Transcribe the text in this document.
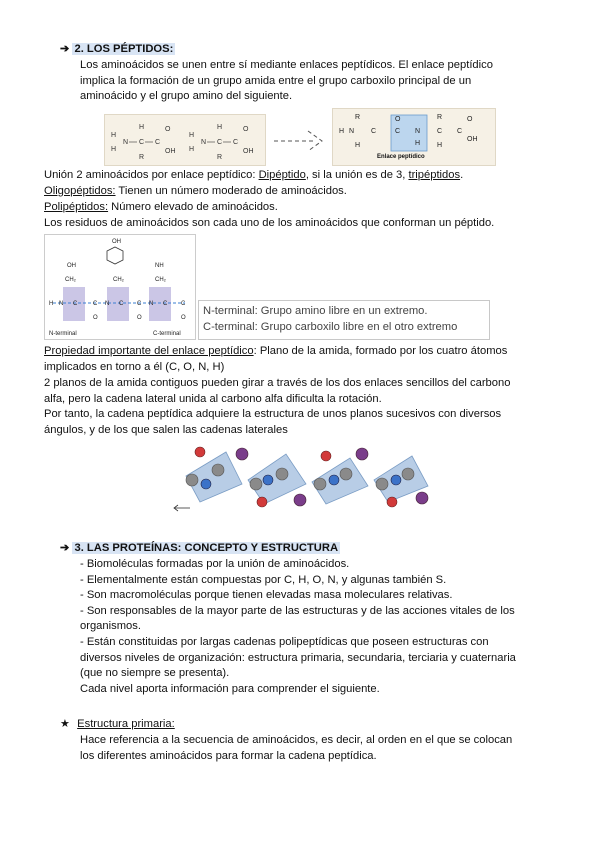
➔ 2. LOS PÉPTIDOS:
Los aminoácidos se unen entre sí mediante enlaces peptídicos. El enlace peptídico
implica la formación de un grupo amida entre el grupo carboxilo principal de un
aminoácido y el grupo amino del siguiente.
H
H
N C
H
R
C
O
OH
H
H
N C
H
R
C
O
OH
R
H
H N C	C N
O
H
C
R
H
C
O
OH
Enlace peptídico
Unión 2 aminoácidos por enlace peptídico: Dipéptido, si la unión es de 3, tripéptidos.
Oligopéptidos: Tienen un número moderado de aminoácidos.
Polipéptidos: Número elevado de aminoácidos.
Los residuos de aminoácidos son cada uno de los aminoácidos que conforman un péptido.
OH
OH
CH₂	CH₂
NH
CH₂
H N C	C N C C N C C
O	O	O
N-terminal	C-terminal
N-terminal: Grupo amino libre en un extremo.
C-terminal: Grupo carboxilo libre en el otro extremo
Propiedad importante del enlace peptídico: Plano de la amida, formado por los cuatro átomos
implicados en torno a él (C, O, N, H)
2 planos de la amida contiguos pueden girar a través de los dos enlaces sencillos del carbono
alfa, pero la cadena lateral unida al carbono alfa dificulta la rotación.
Por tanto, la cadena peptídica adquiere la estructura de unos planos sucesivos con diversos
ángulos, y de los que salen las cadenas laterales
➔ 3. LAS PROTEÍNAS: CONCEPTO Y ESTRUCTURA
- Biomoléculas formadas por la unión de aminoácidos.
- Elementalmente están compuestas por C, H, O, N, y algunas también S.
- Son macromoléculas porque tienen elevadas masa moleculares relativas.
- Son responsables de la mayor parte de las estructuras y de las acciones vitales de los
organismos.
- Están constituidas por largas cadenas polipeptídicas que poseen estructuras con
diversos niveles de organización: estructura primaria, secundaria, terciaria y cuaternaria
(que no siempre se presenta).
Cada nivel aporta información para comprender el siguiente.
★ Estructura primaria:
Hace referencia a la secuencia de aminoácidos, es decir, al orden en el que se colocan
los diferentes aminoácidos para formar la cadena peptídica.
